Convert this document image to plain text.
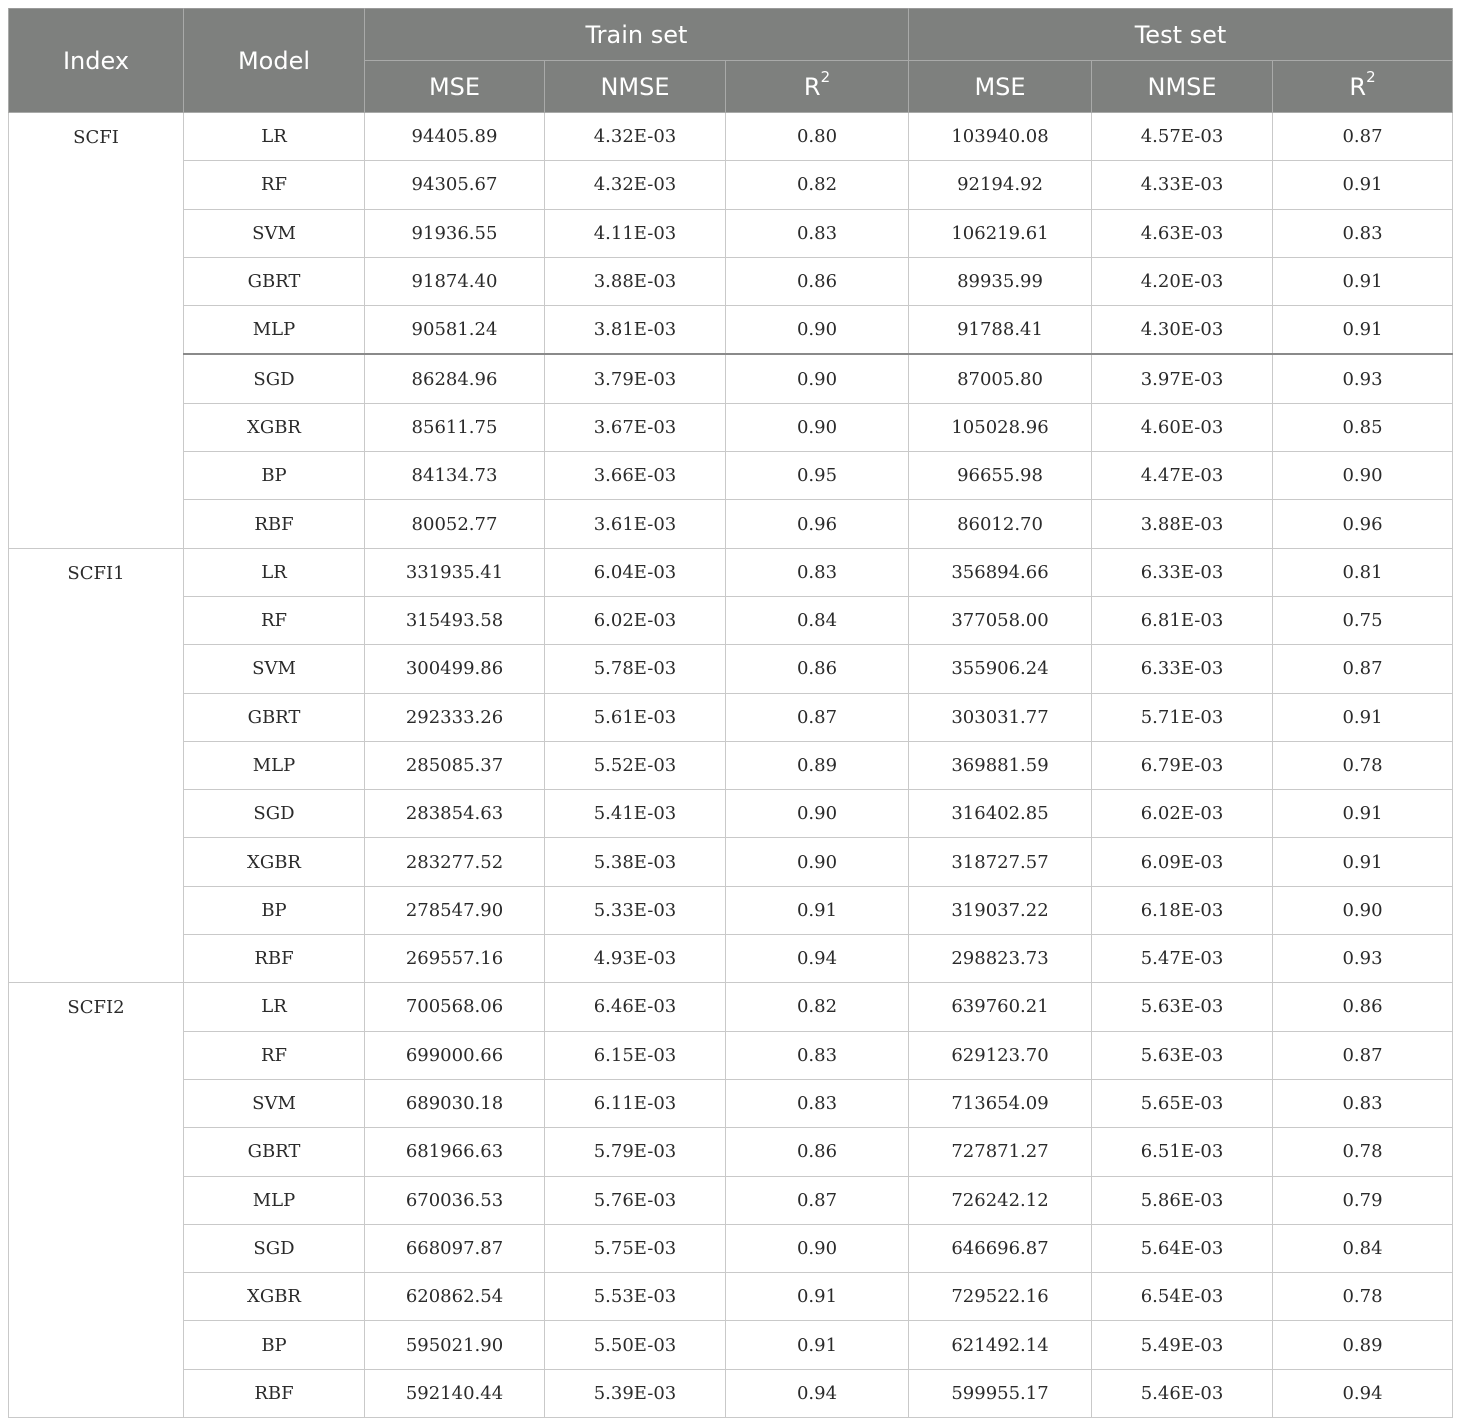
Index	Model	Train set			Test set		
		MSE	NMSE	$R^2$	MSE	NMSE	$R^2$
SCFI	LR	94405.89	4.32E-03	0.80	103940.08	4.57E-03	0.87
	RF	94305.67	4.32E-03	0.82	92194.92	4.33E-03	0.91
	SVM	91936.55	4.11E-03	0.83	106219.61	4.63E-03	0.83
	GBRT	91874.40	3.88E-03	0.86	89935.99	4.20E-03	0.91
	MLP	90581.24	3.81E-03	0.90	91788.41	4.30E-03	0.91
	SGD	86284.96	3.79E-03	0.90	87005.80	3.97E-03	0.93
	XGBR	85611.75	3.67E-03	0.90	105028.96	4.60E-03	0.85
	BP	84134.73	3.66E-03	0.95	96655.98	4.47E-03	0.90
	RBF	80052.77	3.61E-03	0.96	86012.70	3.88E-03	0.96
SCFI1	LR	331935.41	6.04E-03	0.83	356894.66	6.33E-03	0.81
	RF	315493.58	6.02E-03	0.84	377058.00	6.81E-03	0.75
	SVM	300499.86	5.78E-03	0.86	355906.24	6.33E-03	0.87
	GBRT	292333.26	5.61E-03	0.87	303031.77	5.71E-03	0.91
	MLP	285085.37	5.52E-03	0.89	369881.59	6.79E-03	0.78
	SGD	283854.63	5.41E-03	0.90	316402.85	6.02E-03	0.91
	XGBR	283277.52	5.38E-03	0.90	318727.57	6.09E-03	0.91
	BP	278547.90	5.33E-03	0.91	319037.22	6.18E-03	0.90
	RBF	269557.16	4.93E-03	0.94	298823.73	5.47E-03	0.93
SCFI2	LR	700568.06	6.46E-03	0.82	639760.21	5.63E-03	0.86
	RF	699000.66	6.15E-03	0.83	629123.70	5.63E-03	0.87
	SVM	689030.18	6.11E-03	0.83	713654.09	5.65E-03	0.83
	GBRT	681966.63	5.79E-03	0.86	727871.27	6.51E-03	0.78
	MLP	670036.53	5.76E-03	0.87	726242.12	5.86E-03	0.79
	SGD	668097.87	5.75E-03	0.90	646696.87	5.64E-03	0.84
	XGBR	620862.54	5.53E-03	0.91	729522.16	6.54E-03	0.78
	BP	595021.90	5.50E-03	0.91	621492.14	5.49E-03	0.89
	RBF	592140.44	5.39E-03	0.94	599955.17	5.46E-03	0.94
